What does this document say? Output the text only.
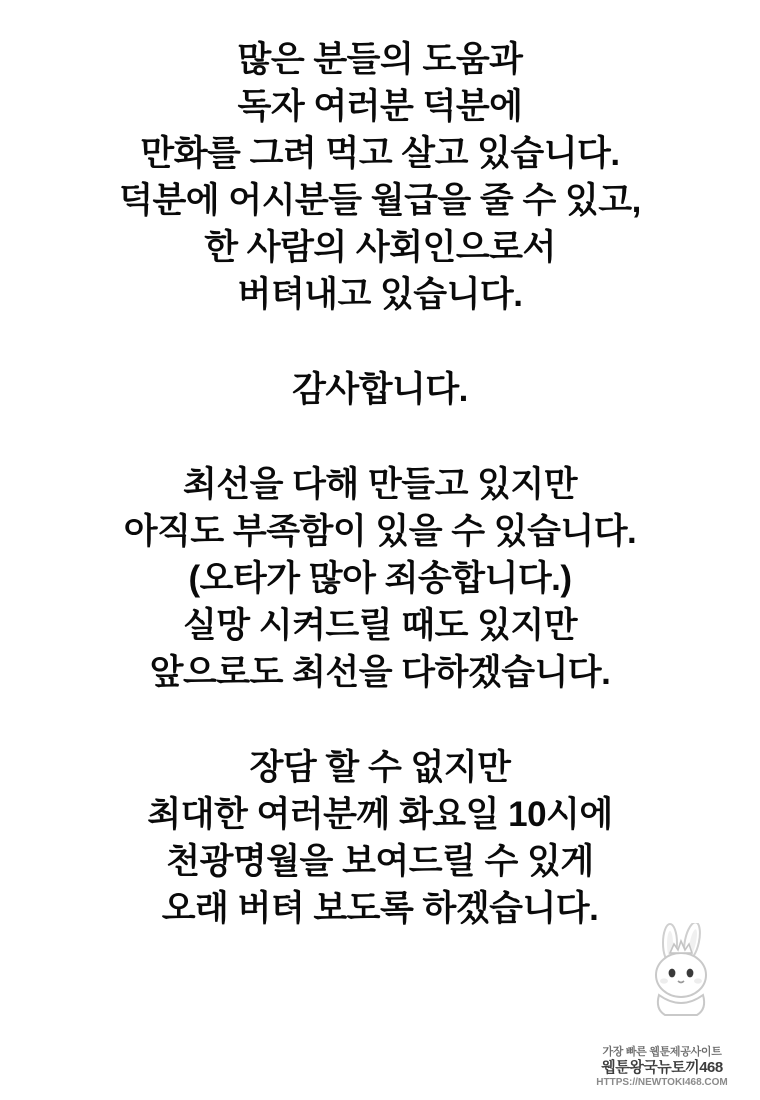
많은 분들의 도움과
독자 여러분 덕분에
만화를 그려 먹고 살고 있습니다.
덕분에 어시분들 월급을 줄 수 있고,
한 사람의 사회인으로서
버텨내고 있습니다.
감사합니다.
최선을 다해 만들고 있지만
아직도 부족함이 있을 수 있습니다.
(오타가 많아 죄송합니다.)
실망 시켜드릴 때도 있지만
앞으로도 최선을 다하겠습니다.
장담 할 수 없지만
최대한 여러분께 화요일 10시에
천광명월을 보여드릴 수 있게
오래 버텨 보도록 하겠습니다.
가장 빠른 웹툰제공사이트
웹툰왕국뉴토끼468
HTTPS://NEWTOKI468.COM
